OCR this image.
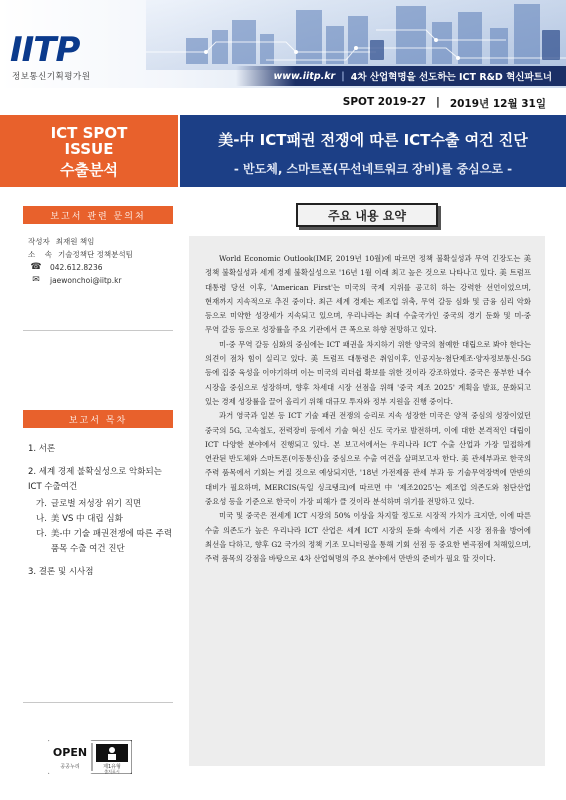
IITP
정보통신기획평가원	www.iitp.kr | 4차 산업혁명을 선도하는 ICT R&D 혁신파트너
SPOT 2019-27 | 2019년 12월 31일
ICT SPOT
ISSUE
수출분석
美-中 ICT패권 전쟁에 따른 ICT수출 여건 진단
- 반도체, 스마트폰(무선네트워크 장비)를 중심으로 -
보고서 관련 문의처
작성자 최재원 책임
소    속 기술정책단 정책분석팀
☎	042.612.8236
✉	jaewonchoi@iitp.kr
보고서 목차
1. 서론
2. 세계 경제 불확실성으로 악화되는 ICT 수출여건
가. 글로벌 저성장 위기 직면
나. 美 VS 中 대립 심화
다. 美-中 기술 패권전쟁에 따른 주력 품목 수출 여건 진단
3. 결론 및 시사점
OPEN
공공누리	제1유형
출처표시
주요 내용 요약

World Economic Outlook(IMF, 2019년 10월)에 따르면 정책 불확실성과 무역 긴장도는 美 정책 불확실성과 세계 경제 불확실성으로 '16년 1월 이래 최고 높은 것으로 나타나고 있다. 美 트럼프 대통령 당선 이후, 'American First'는 미국의 국제 지위를 공고히 하는 강력한 선언이었으며, 현재까지 지속적으로 추진 중이다. 최근 세계 경제는 제조업 위축, 무역 갈등 심화 및 금융 심리 악화 등으로 미약한 성장세가 지속되고 있으며, 우리나라는 최대 수출국가인 중국의 경기 둔화 및 미-중 무역 갈등 등으로 성장률을 주요 기관에서 큰 폭으로 하향 전망하고 있다.

미-중 무역 갈등 심화의 중심에는 ICT 패권을 차지하기 위한 양국의 첨예한 대립으로 봐야 한다는 의견이 점차 힘이 실리고 있다. 美 트럼프 대통령은 취임이후, 인공지능·첨단제조·양자정보통신·5G 등에 집중 육성을 이야기하며 이는 미국의 리더쉽 확보를 위한 것이라 강조하였다. 중국은 풍부한 내수 시장을 중심으로 성장하며, 향후 차세대 시장 선점을 위해 '중국 제조 2025' 계획을 발표, 문화되고 있는 경제 성장률을 끌어 올리기 위해 대규모 투자와 정부 지원을 진행 중이다.

과거 영국과 일본 등 ICT 기술 패권 전쟁의 승리로 지속 성장한 미국은 양적 중심의 성장이었던 중국의 5G, 고속철도, 전력장비 등에서 기술 혁신 신도 국가로 발전하며, 이에 대한 본격적인 대립이 ICT 다양한 분야에서 진행되고 있다. 본 보고서에서는 우리나라 ICT 수출 산업과 가장 밀접하게 연관된 반도체와 스마트폰(이동통신)을 중심으로 수출 여건을 살펴보고자 한다. 美 관세부과로 한국의 주력 품목에서 기회는 커질 것으로 예상되지만, '18년 가전제품 관세 부과 등 기술무역장벽에 만반의 대비가 필요하며, MERCIS(독일 싱크탱크)에 따르면 中 '제조2025'는 제조업 의존도와 첨단산업 중요성 등을 기준으로 한국이 가장 피해가 클 것이라 분석하며 위기를 전망하고 있다.

미국 및 중국은 전세계 ICT 시장의 50% 이상을 차지할 정도로 시장적 가치가 크지만, 이에 따른 수출 의존도가 높은 우리나라 ICT 산업은 세계 ICT 시장의 둔화 속에서 기존 시장 점유율 방어에 최선을 다하고, 향후 G2 국가의 정책 기조 모니터링을 통해 기회 선점 등 중요한 변곡점에 처해있으며, 주력 품목의 강점을 바탕으로 4차 산업혁명의 주요 분야에서 만반의 준비가 필요 할 것이다.
